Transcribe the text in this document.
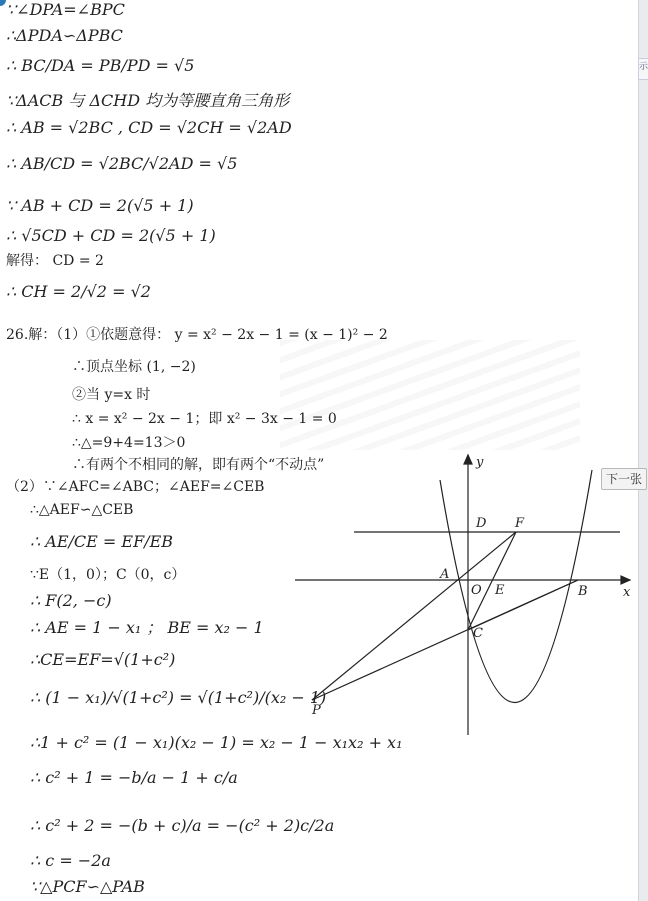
∵∠DPA=∠BPC
∴ΔPDA∽ΔPBC
∴ BC/DA = PB/PD = √5
∵ΔACB 与 ΔCHD 均为等腰直角三角形
∴ AB = √2BC , CD = √2CH = √2AD
∴ AB/CD = √2BC/√2AD = √5
∵ AB + CD = 2(√5 + 1)
∴ √5CD + CD = 2(√5 + 1)
解得： CD = 2
∴ CH = 2/√2 = √2
26.解：（1）①依题意得： y = x² − 2x − 1 = (x − 1)² − 2
∴顶点坐标 (1, −2)
②当 y=x 时
∴ x = x² − 2x − 1；即 x² − 3x − 1 = 0
∴△=9+4=13＞0
∴有两个不相同的解，即有两个“不动点”
（2）∵∠AFC=∠ABC；∠AEF=∠CEB
∴△AEF∽△CEB
∴ AE/CE = EF/EB
∵E（1，0）；C（0，c）
∴ F(2, −c)
∴ AE = 1 − x₁ ； BE = x₂ − 1
∴CE=EF=√(1+c²)
∴ (1 − x₁)/√(1+c²) = √(1+c²)/(x₂ − 1)
∴1 + c² = (1 − x₁)(x₂ − 1) = x₂ − 1 − x₁x₂ + x₁
∴ c² + 1 = −b/a − 1 + c/a
∴ c² + 2 = −(b + c)/a = −(c² + 2)c/2a
∴ c = −2a
∵△PCF∽△PAB
y
x
D F
A
O E	B
C
P
示
下一张
